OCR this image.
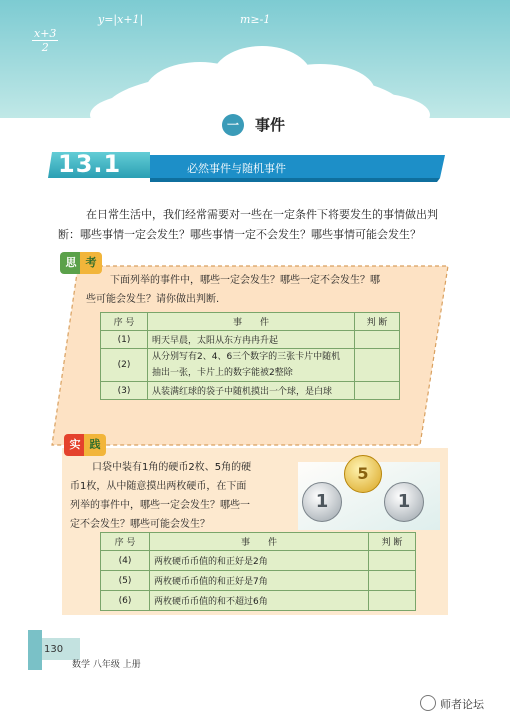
$\frac{x+3}{2}$
y=|x+1|	m≥-1
一	事件
13.1	必然事件与随机事件
在日常生活中，我们经常需要对一些在一定条件下将要发生的事情做出判
断：哪些事情一定会发生？哪些事情一定不会发生？哪些事情可能会发生？
思 考
下面列举的事件中，哪些一定会发生？哪些一定不会发生？哪
些可能会发生？请你做出判断.
序 号	事　　件	判 断
(1)	明天早晨，太阳从东方冉冉升起	
(2)	从分别写有2、4、6三个数字的三张卡片中随机
抽出一张，卡片上的数字能被2整除	

(3)	从装满红球的袋子中随机摸出一个球，是白球	
实 践
口袋中装有1角的硬币2枚、5角的硬
币1枚，从中随意摸出两枚硬币，在下面
列举的事件中，哪些一定会发生？哪些一
定不会发生？哪些可能会发生？
5
1	1
序 号	事　　件	判 断
(4)	两枚硬币币值的和正好是2角	
(5)	两枚硬币币值的和正好是7角	
(6)	两枚硬币币值的和不超过6角	
130
数学 八年级 上册
师者论坛
